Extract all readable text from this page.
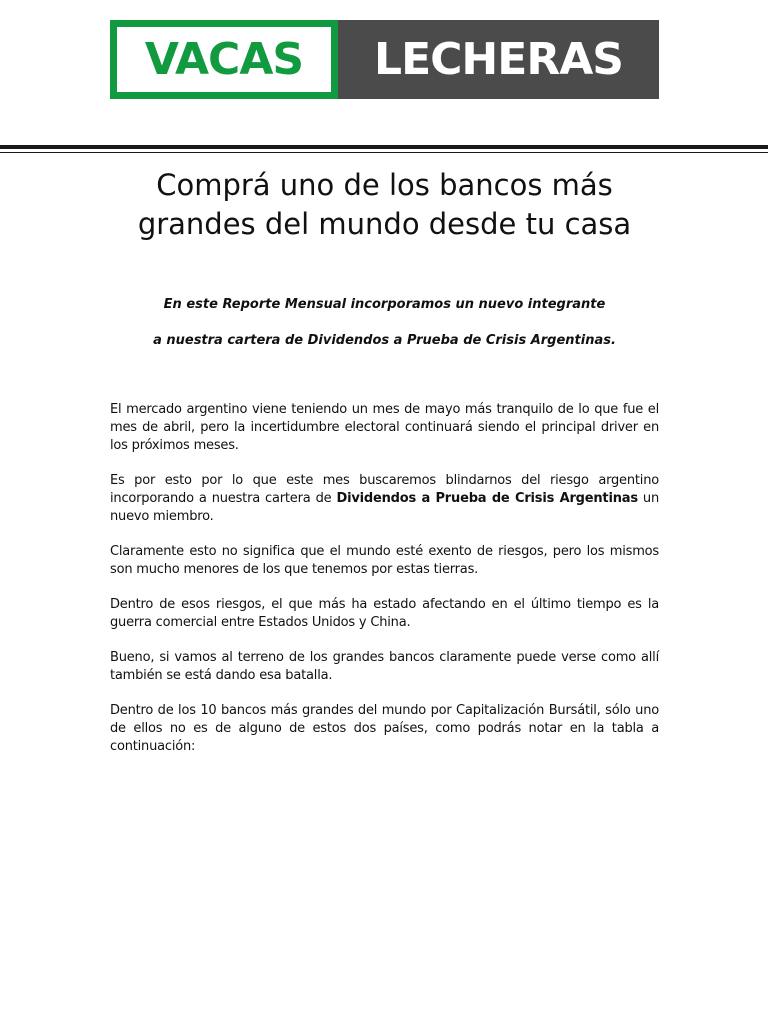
VACAS LECHERAS
Comprá uno de los bancos más grandes del mundo desde tu casa
En este Reporte Mensual incorporamos un nuevo integrante
a nuestra cartera de Dividendos a Prueba de Crisis Argentinas.

El mercado argentino viene teniendo un mes de mayo más tranquilo de lo que fue el mes de abril, pero la incertidumbre electoral continuará siendo el principal driver en los próximos meses.

Es por esto por lo que este mes buscaremos blindarnos del riesgo argentino incorporando a nuestra cartera de Dividendos a Prueba de Crisis Argentinas un nuevo miembro.

Claramente esto no significa que el mundo esté exento de riesgos, pero los mismos son mucho menores de los que tenemos por estas tierras.

Dentro de esos riesgos, el que más ha estado afectando en el último tiempo es la guerra comercial entre Estados Unidos y China.

Bueno, si vamos al terreno de los grandes bancos claramente puede verse como allí también se está dando esa batalla.

Dentro de los 10 bancos más grandes del mundo por Capitalización Bursátil, sólo uno de ellos no es de alguno de estos dos países, como podrás notar en la tabla a continuación:
